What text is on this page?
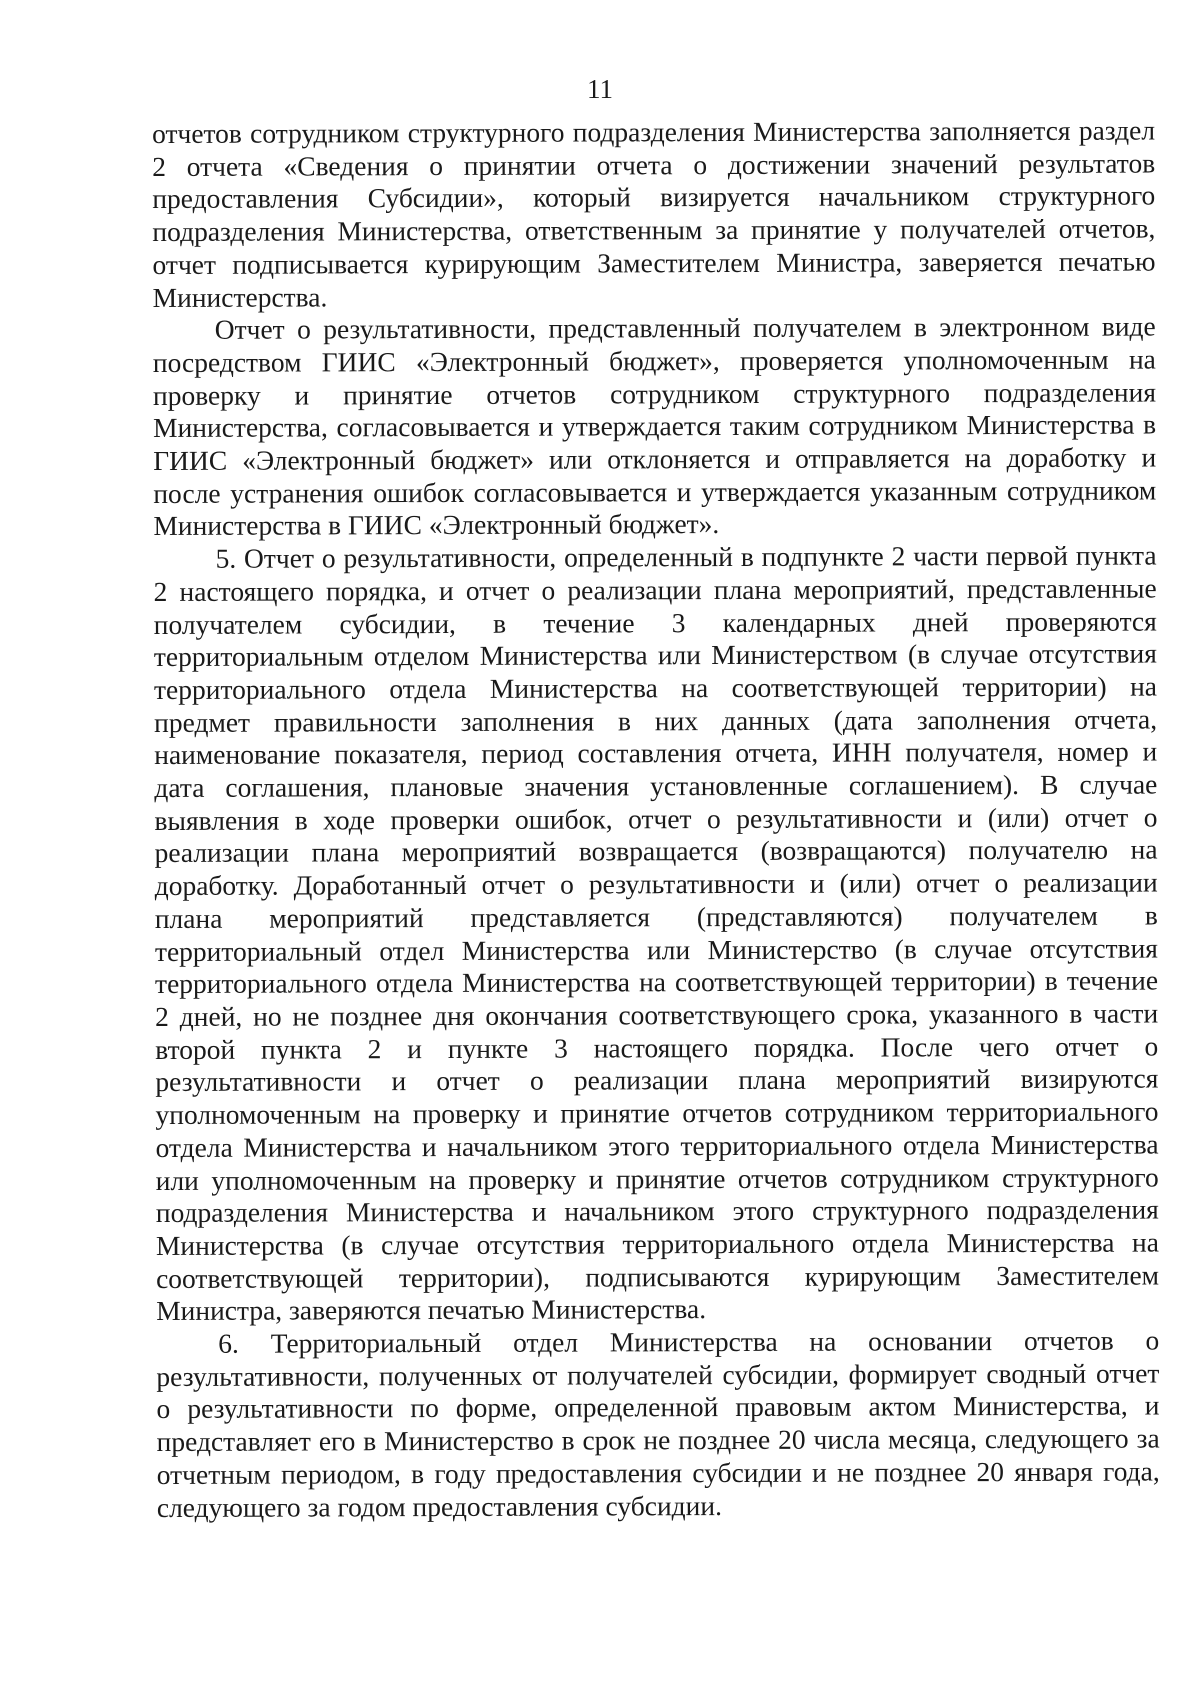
11

отчетов сотрудником структурного подразделения Министерства заполняется раздел 2 отчета «Сведения о принятии отчета о достижении значений результатов предоставления Субсидии», который визируется начальником структурного подразделения Министерства, ответственным за принятие у получателей отчетов, отчет подписывается курирующим Заместителем Министра, заверяется печатью Министерства.

Отчет о результативности, представленный получателем в электронном виде посредством ГИИС «Электронный бюджет», проверяется уполномоченным на проверку и принятие отчетов сотрудником структурного подразделения Министерства, согласовывается и утверждается таким сотрудником Министерства в ГИИС «Электронный бюджет» или отклоняется и отправляется на доработку и после устранения ошибок согласовывается и утверждается указанным сотрудником Министерства в ГИИС «Электронный бюджет».

5. Отчет о результативности, определенный в подпункте 2 части первой пункта 2 настоящего порядка, и отчет о реализации плана мероприятий, представленные получателем субсидии, в течение 3 календарных дней проверяются территориальным отделом Министерства или Министерством (в случае отсутствия территориального отдела Министерства на соответствующей территории) на предмет правильности заполнения в них данных (дата заполнения отчета, наименование показателя, период составления отчета, ИНН получателя, номер и дата соглашения, плановые значения установленные соглашением). В случае выявления в ходе проверки ошибок, отчет о результативности и (или) отчет о реализации плана мероприятий возвращается (возвращаются) получателю на доработку. Доработанный отчет о результативности и (или) отчет о реализации плана мероприятий представляется (представляются) получателем в территориальный отдел Министерства или Министерство (в случае отсутствия территориального отдела Министерства на соответствующей территории) в течение 2 дней, но не позднее дня окончания соответствующего срока, указанного в части второй пункта 2 и пункте 3 настоящего порядка. После чего отчет о результативности и отчет о реализации плана мероприятий визируются уполномоченным на проверку и принятие отчетов сотрудником территориального отдела Министерства и начальником этого территориального отдела Министерства или уполномоченным на проверку и принятие отчетов сотрудником структурного подразделения Министерства и начальником этого структурного подразделения Министерства (в случае отсутствия территориального отдела Министерства на соответствующей территории), подписываются курирующим Заместителем Министра, заверяются печатью Министерства.

6. Территориальный отдел Министерства на основании отчетов о результативности, полученных от получателей субсидии, формирует сводный отчет о результативности по форме, определенной правовым актом Министерства, и представляет его в Министерство в срок не позднее 20 числа месяца, следующего за отчетным периодом, в году предоставления субсидии и не позднее 20 января года, следующего за годом предоставления субсидии.
